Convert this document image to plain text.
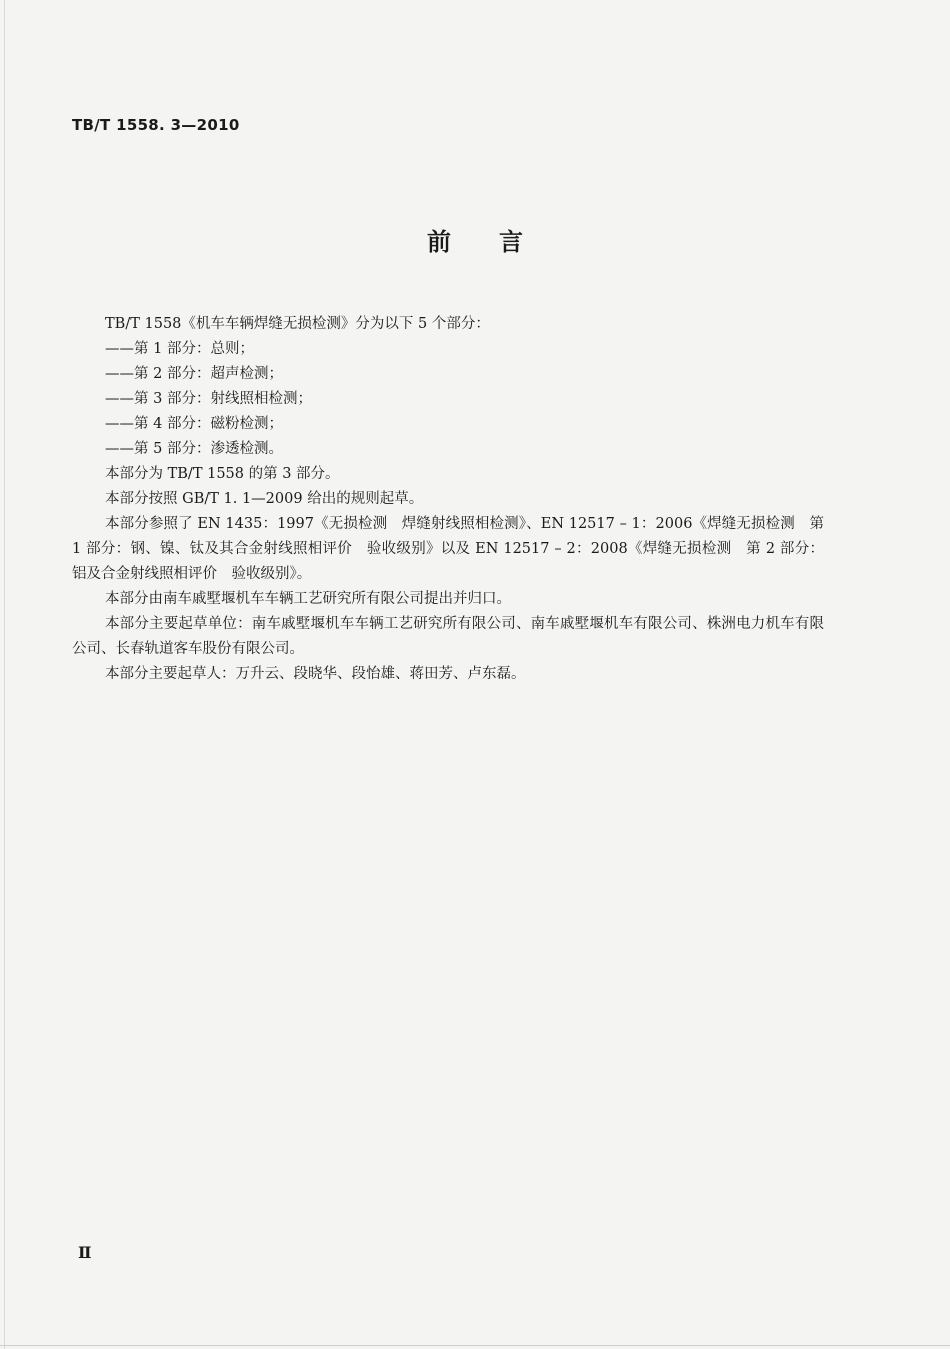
TB/T 1558. 3—2010
前言

TB/T 1558《机车车辆焊缝无损检测》分为以下 5 个部分：

——第 1 部分：总则；

——第 2 部分：超声检测；

——第 3 部分：射线照相检测；

——第 4 部分：磁粉检测；

——第 5 部分：渗透检测。

本部分为 TB/T 1558 的第 3 部分。

本部分按照 GB/T 1. 1—2009 给出的规则起草。

本部分参照了 EN 1435：1997《无损检测　焊缝射线照相检测》、EN 12517 – 1：2006《焊缝无损检测　第 1 部分：钢、镍、钛及其合金射线照相评价　验收级别》以及 EN 12517 – 2：2008《焊缝无损检测　第 2 部分：铝及合金射线照相评价　验收级别》。

本部分由南车戚墅堰机车车辆工艺研究所有限公司提出并归口。

本部分主要起草单位：南车戚墅堰机车车辆工艺研究所有限公司、南车戚墅堰机车有限公司、株洲电力机车有限公司、长春轨道客车股份有限公司。

本部分主要起草人：万升云、段晓华、段怡雄、蒋田芳、卢东磊。

Ⅱ
